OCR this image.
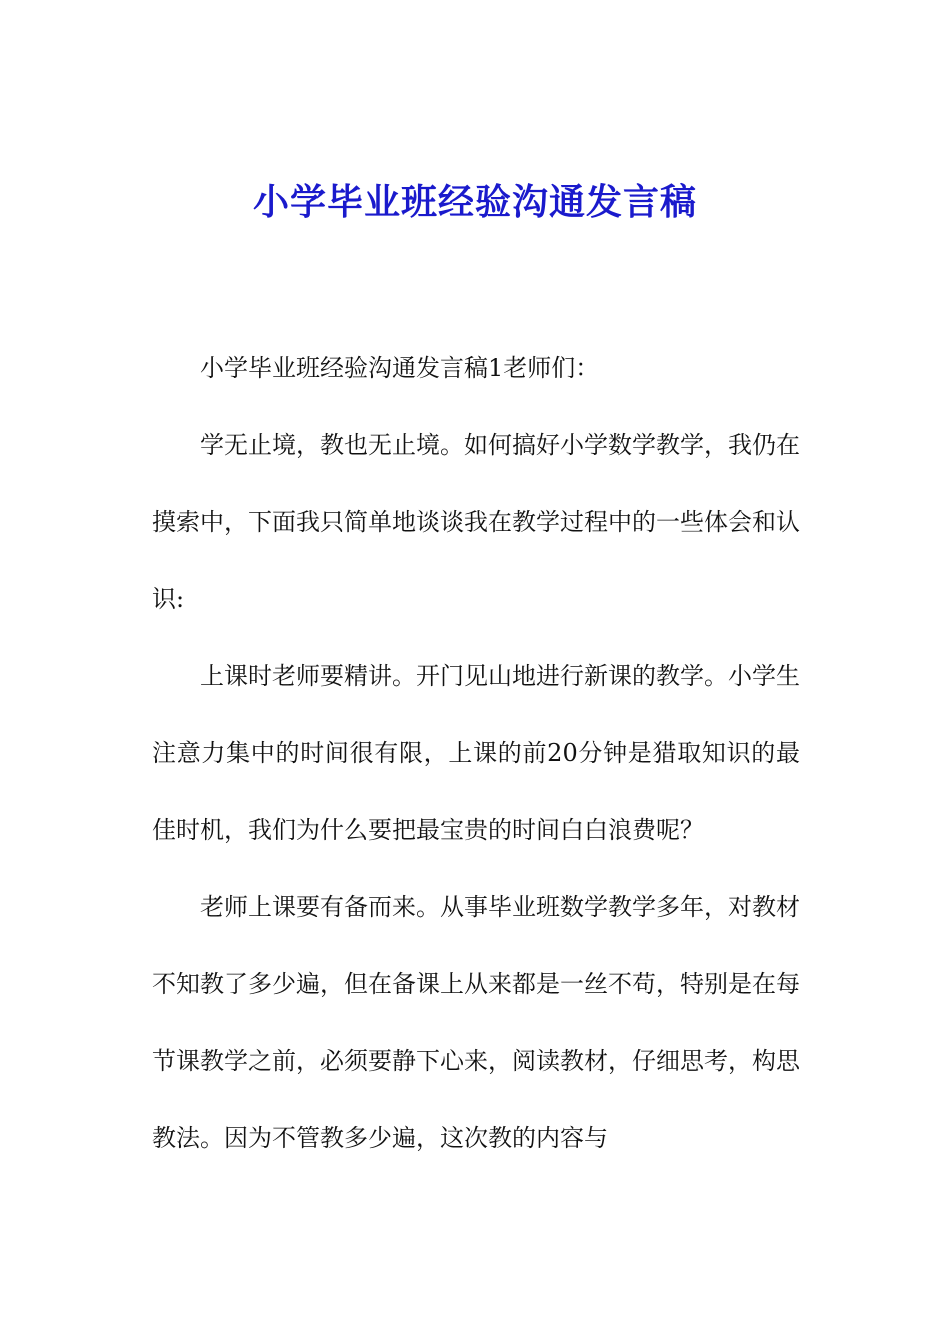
小学毕业班经验沟通发言稿

小学毕业班经验沟通发言稿1老师们：

学无止境，教也无止境。如何搞好小学数学教学，我仍在摸索中，下面我只简单地谈谈我在教学过程中的一些体会和认识:

上课时老师要精讲。开门见山地进行新课的教学。小学生注意力集中的时间很有限，上课的前20分钟是猎取知识的最佳时机，我们为什么要把最宝贵的时间白白浪费呢？

老师上课要有备而来。从事毕业班数学教学多年，对教材不知教了多少遍，但在备课上从来都是一丝不苟，特别是在每节课教学之前，必须要静下心来，阅读教材，仔细思考，构思教法。因为不管教多少遍，这次教的内容与
